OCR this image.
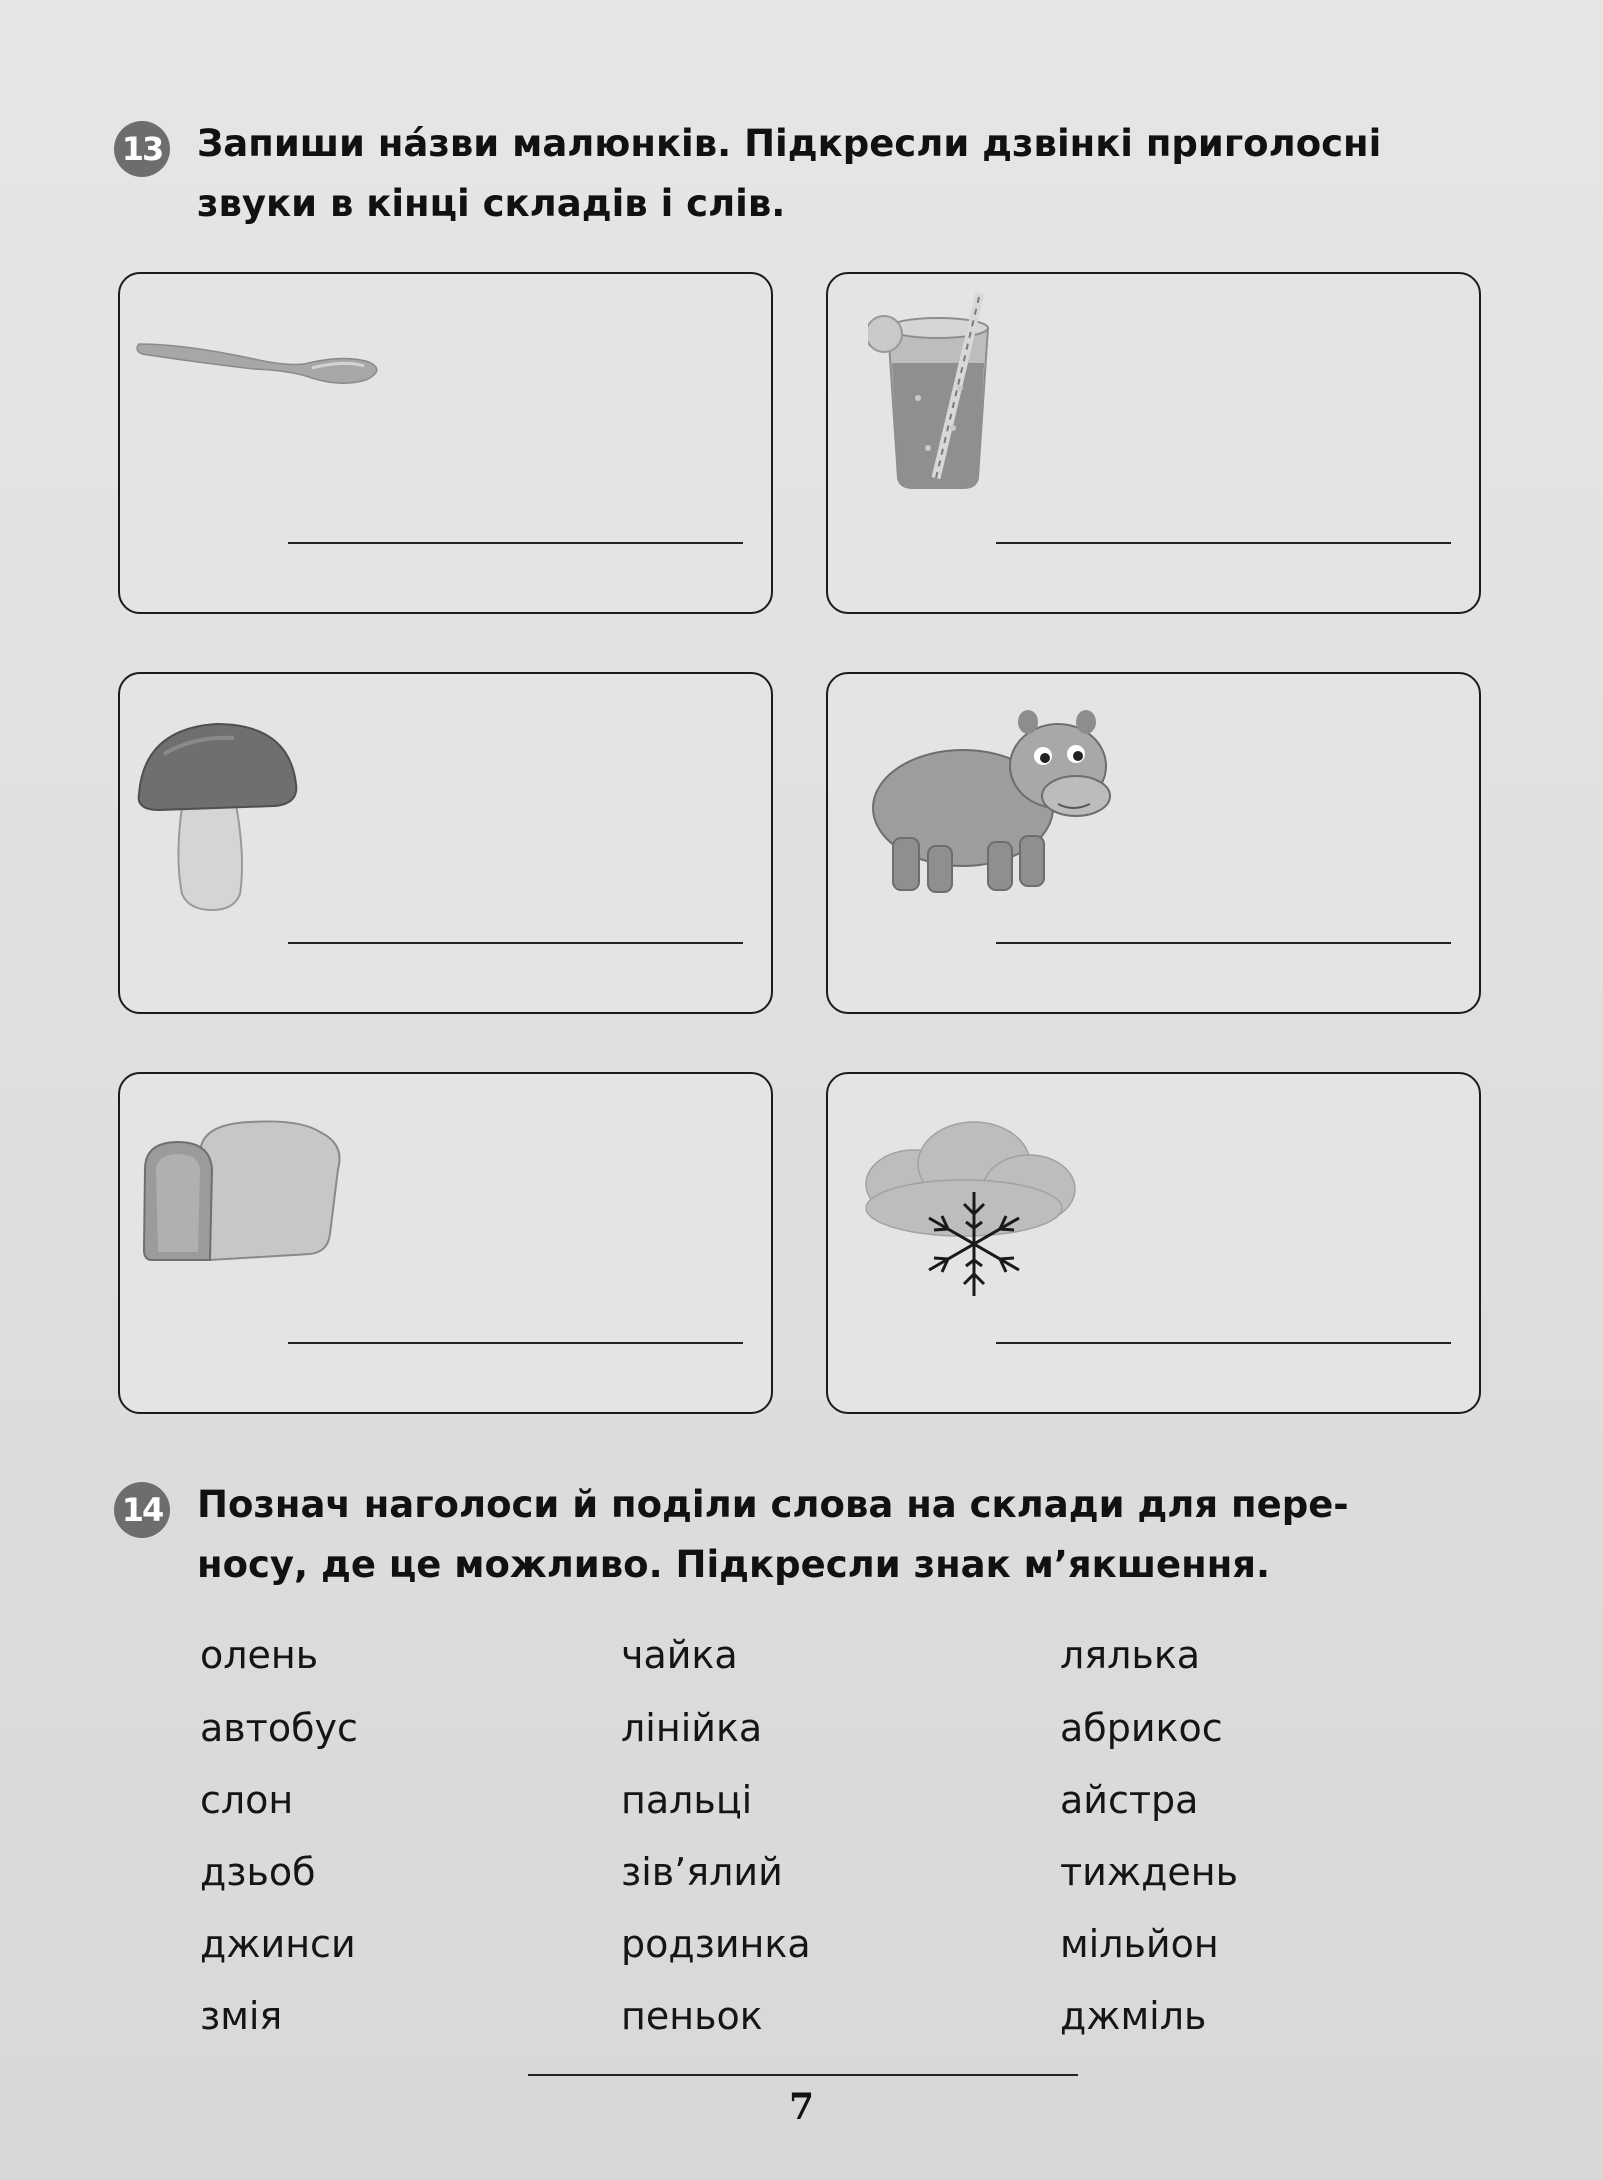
13 Запиши на́зви малюнків. Підкресли дзвінкі приголосні
звуки в кінці складів і слів.
14 Познач наголоси й поділи слова на склади для пере-
носу, де це можливо. Підкресли знак м’якшення.
олень
автобус
слон
дзьоб
джинси
змія
чайка
лінійка
пальці
зів’ялий
родзинка
пеньок
лялька
абрикос
айстра
тиждень
мільйон
джміль
7
